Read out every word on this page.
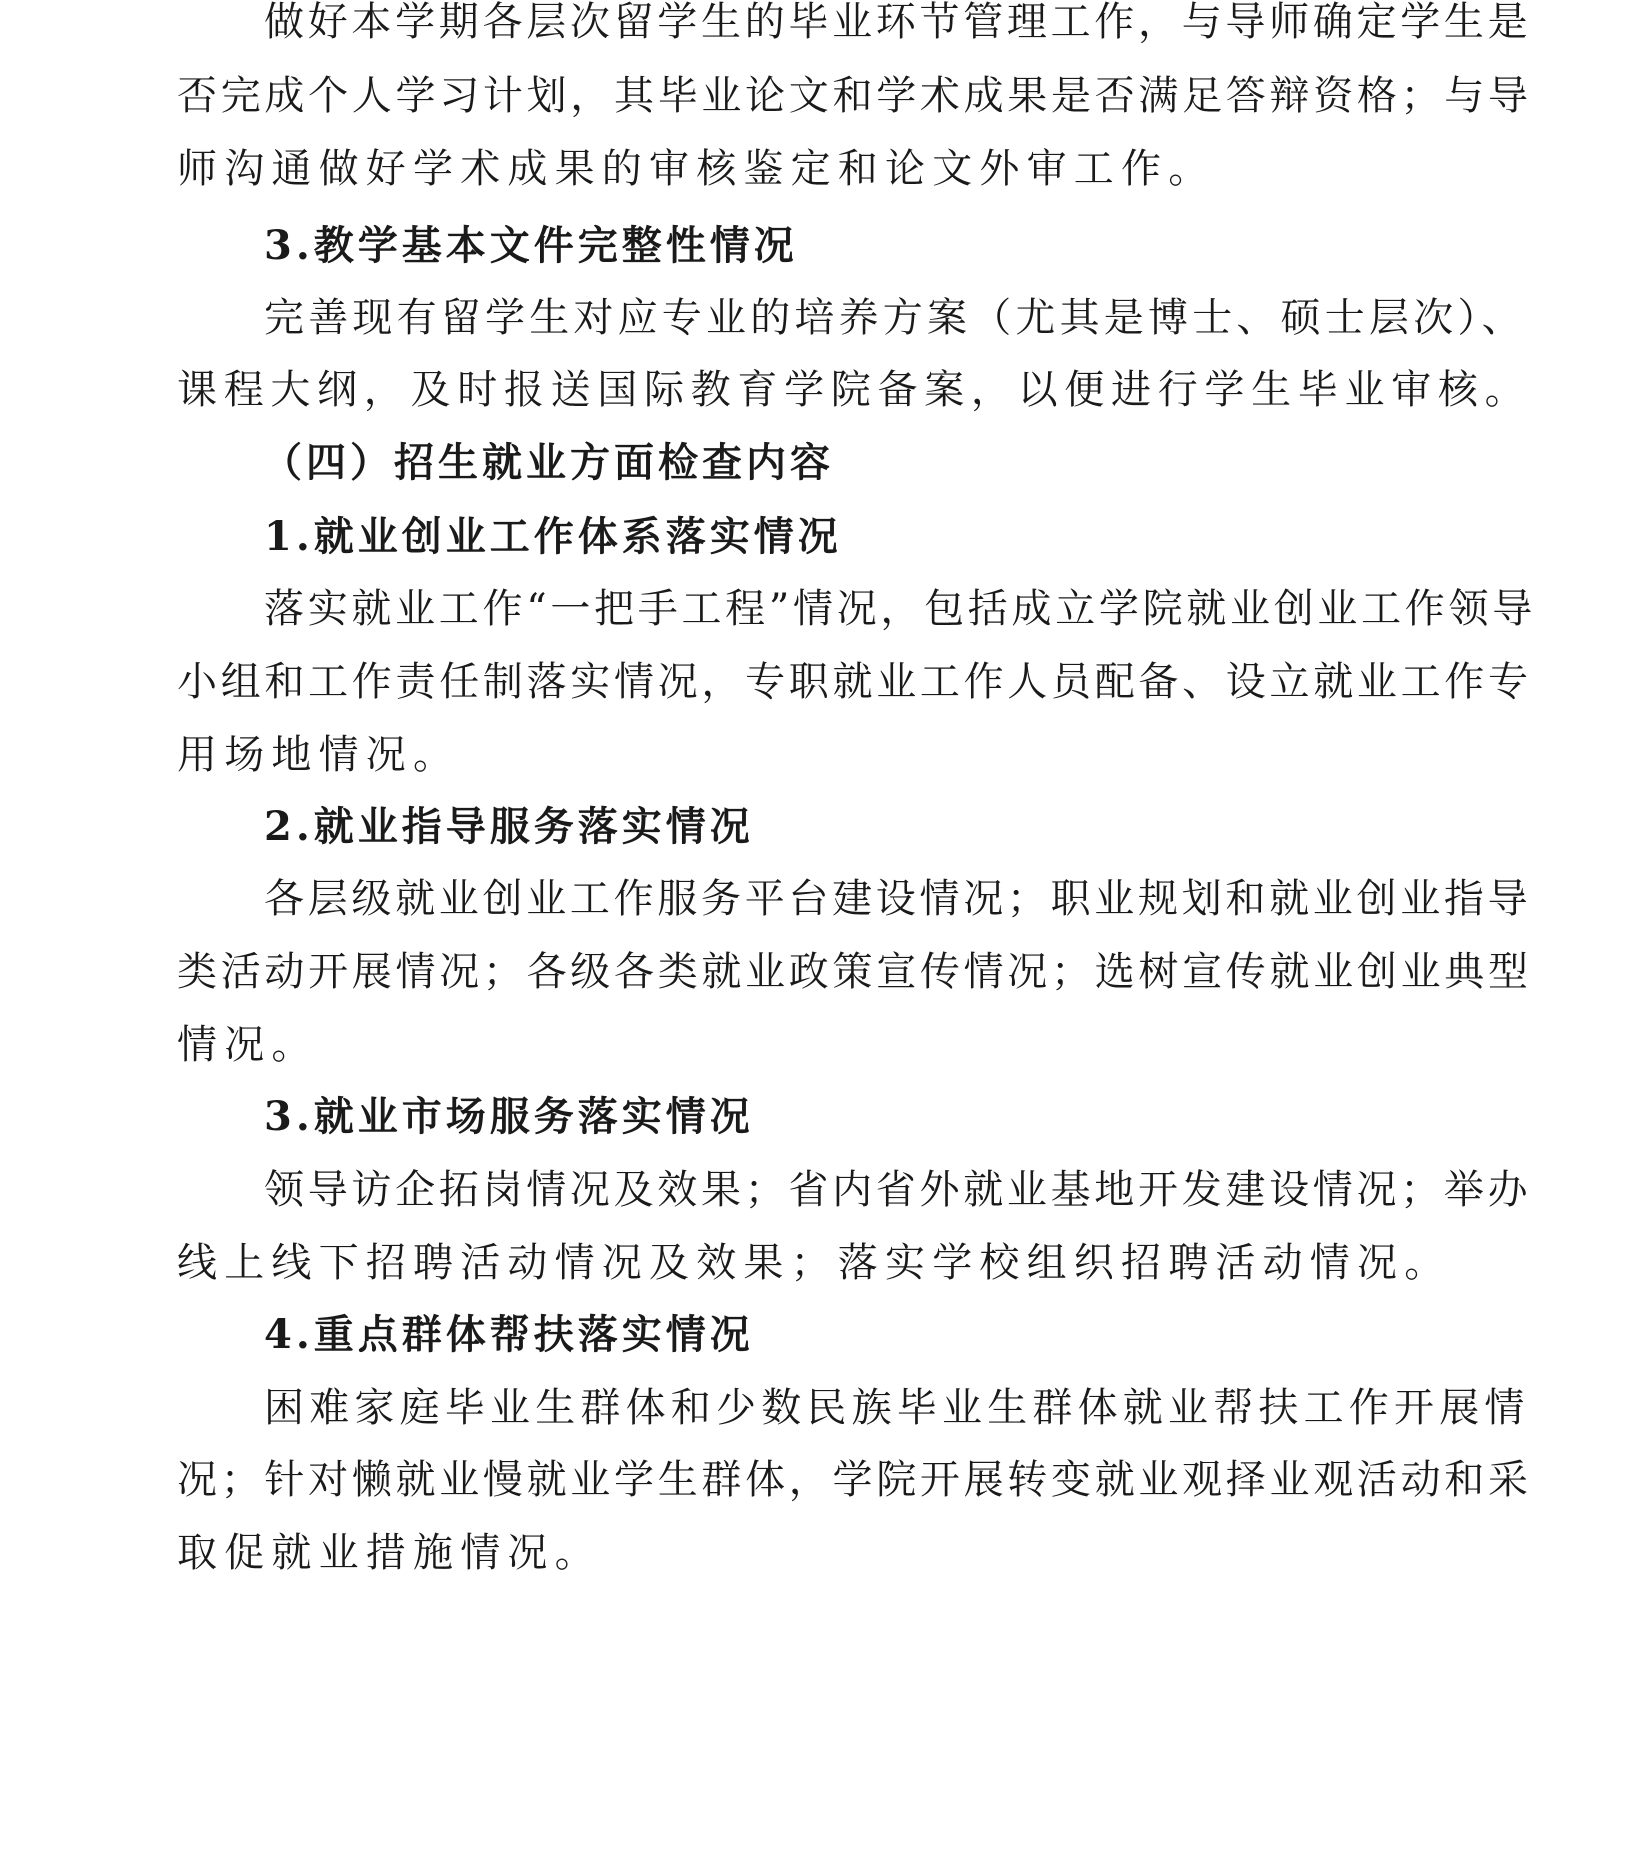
做好本学期各层次留学生的毕业环节管理工作，与导师确定学生是
否完成个人学习计划，其毕业论文和学术成果是否满足答辩资格；与导
师沟通做好学术成果的审核鉴定和论文外审工作。
3.教学基本文件完整性情况
完善现有留学生对应专业的培养方案（尤其是博士、硕士层次）、
课程大纲，及时报送国际教育学院备案，以便进行学生毕业审核。
（四）招生就业方面检查内容
1.就业创业工作体系落实情况
落实就业工作“一把手工程”情况，包括成立学院就业创业工作领导
小组和工作责任制落实情况，专职就业工作人员配备、设立就业工作专
用场地情况。
2.就业指导服务落实情况
各层级就业创业工作服务平台建设情况；职业规划和就业创业指导
类活动开展情况；各级各类就业政策宣传情况；选树宣传就业创业典型
情况。
3.就业市场服务落实情况
领导访企拓岗情况及效果；省内省外就业基地开发建设情况；举办
线上线下招聘活动情况及效果；落实学校组织招聘活动情况。
4.重点群体帮扶落实情况
困难家庭毕业生群体和少数民族毕业生群体就业帮扶工作开展情
况；针对懒就业慢就业学生群体，学院开展转变就业观择业观活动和采
取促就业措施情况。
